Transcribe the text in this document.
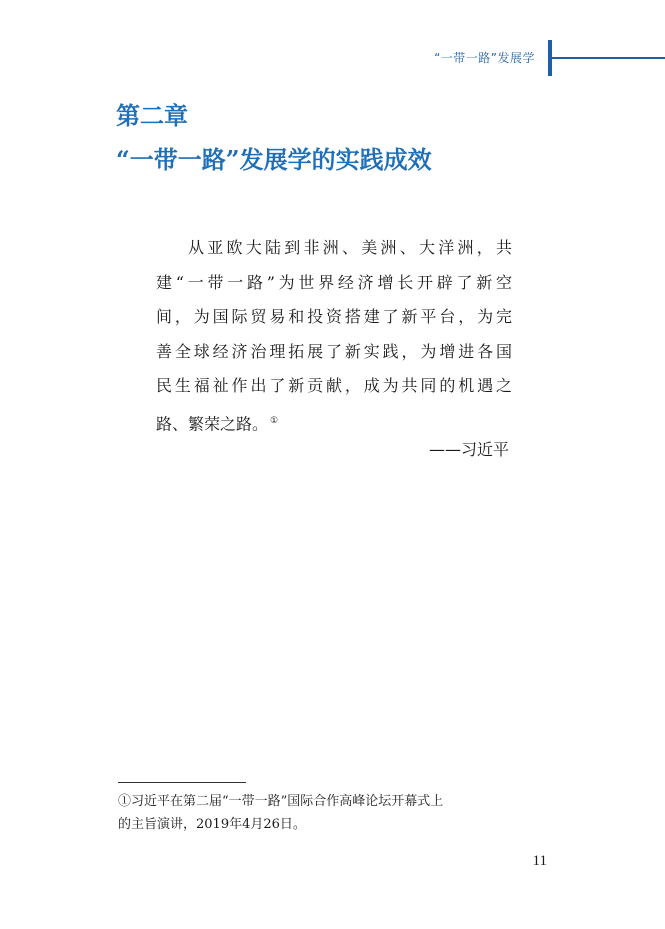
“一带一路”发展学
第二章
“一带一路”发展学的实践成效
从亚欧大陆到非洲、美洲、大洋洲，共
建“一带一路”为世界经济增长开辟了新空
间，为国际贸易和投资搭建了新平台，为完
善全球经济治理拓展了新实践，为增进各国
民生福祉作出了新贡献，成为共同的机遇之
路、繁荣之路。 ①
——习近平
①习近平在第二届“一带一路”国际合作高峰论坛开幕式上
的主旨演讲，2019年4月26日。
11
